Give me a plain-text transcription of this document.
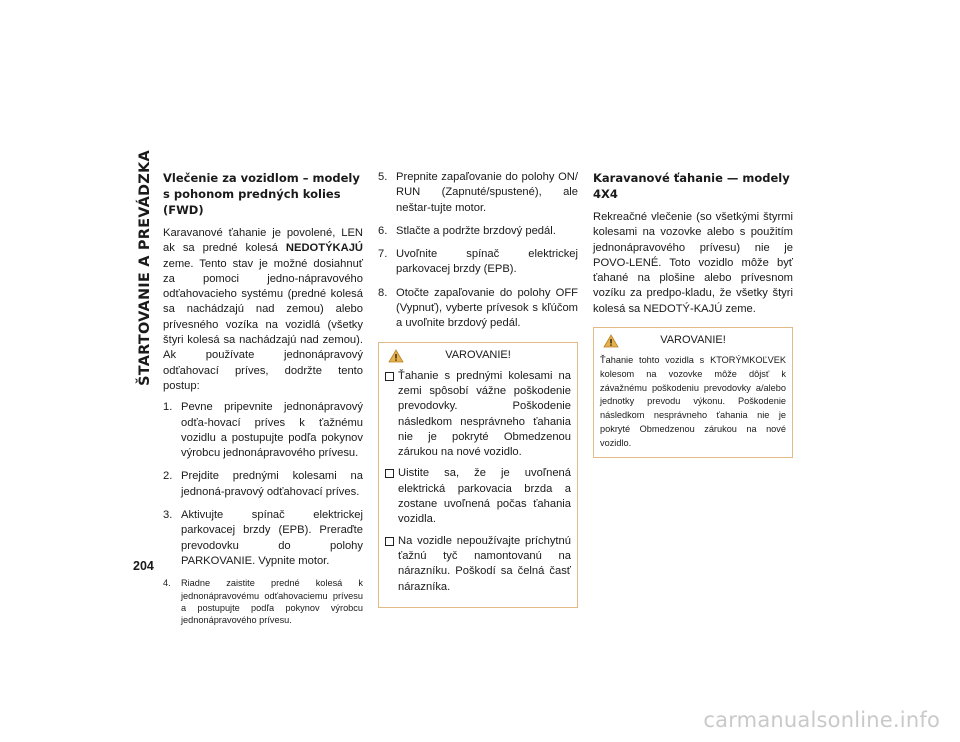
ŠTARTOVANIE A PREVÁDZKA
204
Vlečenie za vozidlom – modely s pohonom predných kolies (FWD)

Karavanové ťahanie je povolené, LEN ak sa predné kolesá NEDOTÝKAJÚ zeme. Tento stav je možné dosiahnuť za pomoci jedno-nápravového odťahovacieho systému (predné kolesá sa nachádzajú nad zemou) alebo prívesného vozíka na vozidlá (všetky štyri kolesá sa nachádzajú nad zemou). Ak používate jednonápravový odťahovací príves, dodržte tento postup:

1. Pevne pripevnite jednonápravový odťa-hovací príves k ťažnému vozidlu a postupujte podľa pokynov výrobcu jednonápravového prívesu.
2. Prejdite prednými kolesami na jednoná-pravový odťahovací príves.
3. Aktivujte spínač elektrickej parkovacej brzdy (EPB). Preraďte prevodovku do polohy PARKOVANIE. Vypnite motor.
4. Riadne zaistite predné kolesá k jednonápravovému odťahovaciemu prívesu a postupujte podľa pokynov výrobcu jednonápravového prívesu.
5. Prepnite zapaľovanie do polohy ON/ RUN (Zapnuté/spustené), ale neštar-tujte motor.
6. Stlačte a podržte brzdový pedál.
7. Uvoľnite spínač elektrickej parkovacej brzdy (EPB).
8. Otočte zapaľovanie do polohy OFF (Vypnuť), vyberte prívesok s kľúčom a uvoľnite brzdový pedál.
VAROVANIE!
Ťahanie s prednými kolesami na zemi spôsobí vážne poškodenie prevodovky. Poškodenie následkom nesprávneho ťahania nie je pokryté Obmedzenou zárukou na nové vozidlo.
Uistite sa, že je uvoľnená elektrická parkovacia brzda a zostane uvoľnená počas ťahania vozidla.
Na vozidle nepoužívajte príchytnú ťažnú tyč namontovanú na nárazníku. Poškodí sa čelná časť nárazníka.
Karavanové ťahanie — modely 4X4

Rekreačné vlečenie (so všetkými štyrmi kolesami na vozovke alebo s použitím jednonápravového prívesu) nie je POVO-LENÉ. Toto vozidlo môže byť ťahané na plošine alebo prívesnom vozíku za predpo-kladu, že všetky štyri kolesá sa NEDOTÝ-KAJÚ zeme.

VAROVANIE!

Ťahanie tohto vozidla s KTORÝMKOĽVEK kolesom na vozovke môže dôjsť k závažnému poškodeniu prevodovky a/alebo jednotky prevodu výkonu. Poškodenie následkom nesprávneho ťahania nie je pokryté Obmedzenou zárukou na nové vozidlo.

carmanualsonline.info
